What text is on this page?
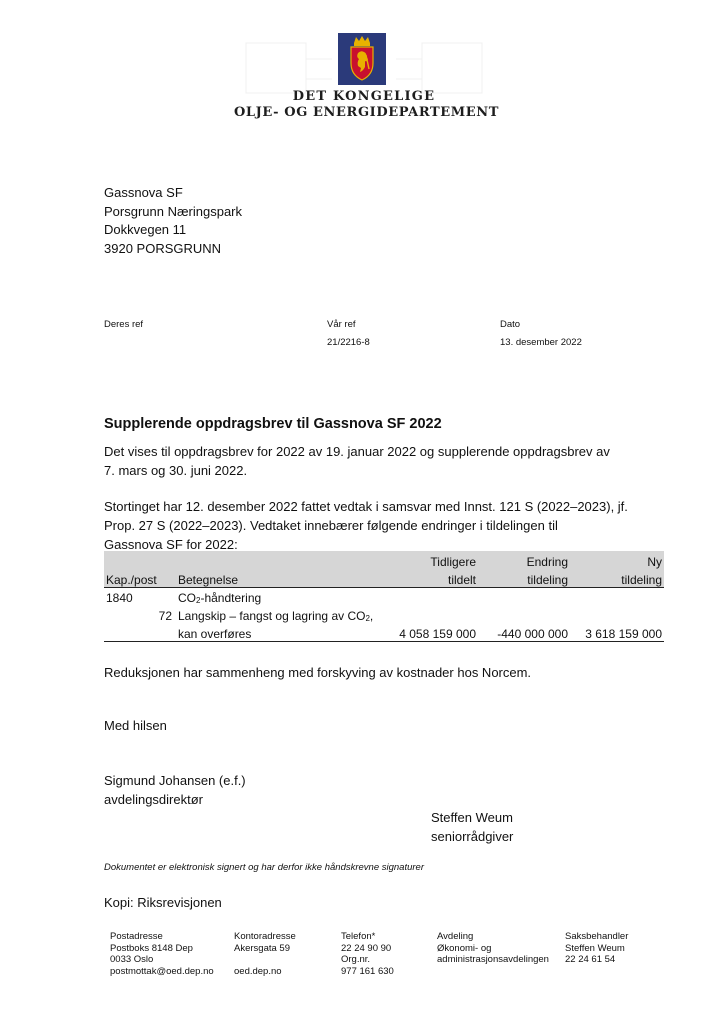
DET KONGELIGE
OLJE- OG ENERGIDEPARTEMENT
Gassnova SF
Porsgrunn Næringspark
Dokkvegen 11
3920 PORSGRUNN
Deres ref	Vår ref
21/2216-8
Dato
13. desember 2022
Supplerende oppdragsbrev til Gassnova SF 2022
Det vises til oppdragsbrev for 2022 av 19. januar 2022 og supplerende oppdragsbrev av
7. mars og 30. juni 2022.
Stortinget har 12. desember 2022 fattet vedtak i samsvar med Innst. 121 S (2022–2023), jf.
Prop. 27 S (2022–2023). Vedtaket innebærer følgende endringer i tildelingen til
Gassnova SF for 2022:
		Tidligere	Endring	Ny
Kap./post	Betegnelse	tildelt	tildeling	tildeling
1840	$CO_2$-håndtering			
72	Langskip – fangst og lagring av $CO_2$,			
	kan overføres	4 058 159 000	-440 000 000	3 618 159 000
Reduksjonen har sammenheng med forskyving av kostnader hos Norcem.
Med hilsen
Sigmund Johansen (e.f.)
avdelingsdirektør
Steffen Weum
seniorrådgiver
Dokumentet er elektronisk signert og har derfor ikke håndskrevne signaturer
Kopi: Riksrevisjonen
Postadresse
Postboks 8148 Dep
0033 Oslo
postmottak@oed.dep.no
Kontoradresse
Akersgata 59
oed.dep.no
Telefon*
22 24 90 90
Org.nr.
977 161 630
Avdeling
Økonomi- og
administrasjonsavdelingen
Saksbehandler
Steffen Weum
22 24 61 54
